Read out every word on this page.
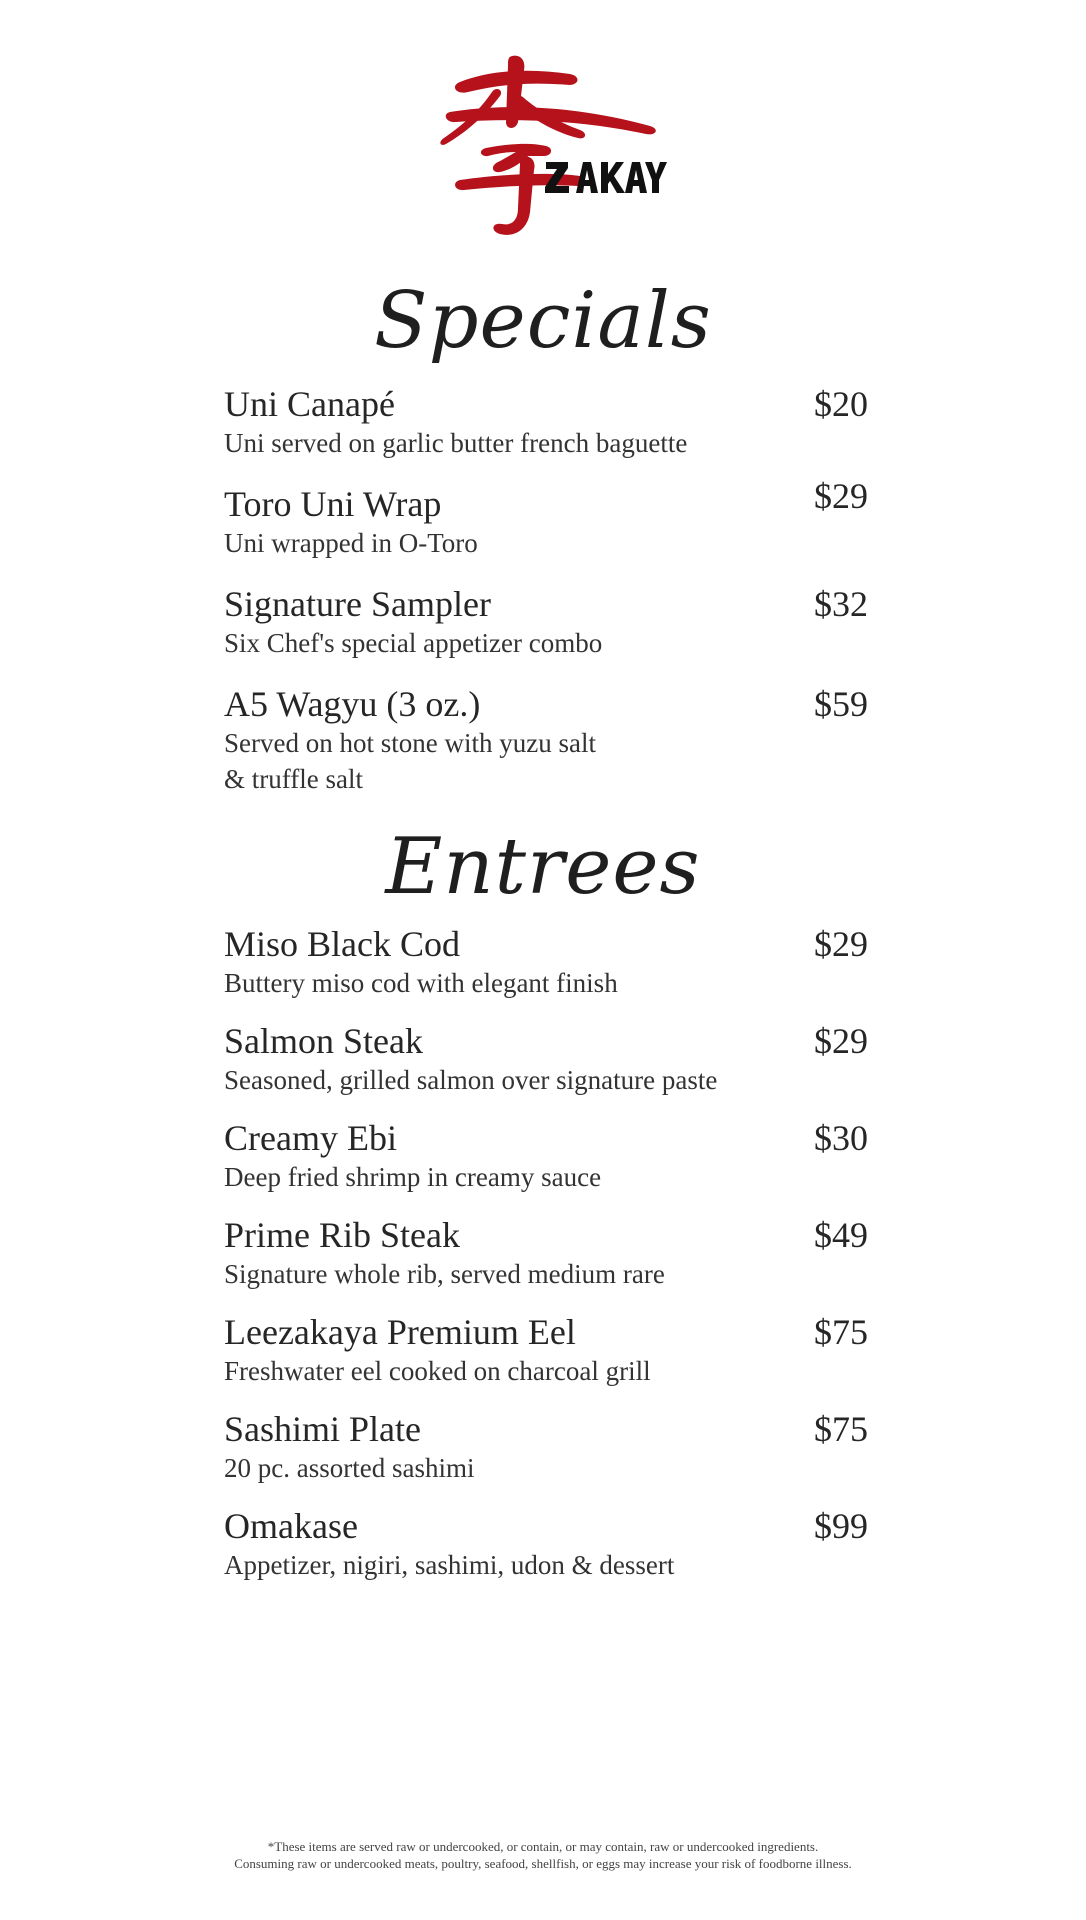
Specials
Uni Canapé	$20
Uni served on garlic butter french baguette
Toro Uni Wrap	$29
Uni wrapped in O-Toro
Signature Sampler	$32
Six Chef's special appetizer combo
A5 Wagyu (3 oz.)	$59
Served on hot stone with yuzu salt
& truffle salt
Entrees
Miso Black Cod	$29
Buttery miso cod with elegant finish
Salmon Steak	$29
Seasoned, grilled salmon over signature paste
Creamy Ebi	$30
Deep fried shrimp in creamy sauce
Prime Rib Steak	$49
Signature whole rib, served medium rare
Leezakaya Premium Eel	$75
Freshwater eel cooked on charcoal grill
Sashimi Plate	$75
20 pc. assorted sashimi
Omakase	$99
Appetizer, nigiri, sashimi, udon & dessert
*These items are served raw or undercooked, or contain, or may contain, raw or undercooked ingredients.
Consuming raw or undercooked meats, poultry, seafood, shellfish, or eggs may increase your risk of foodborne illness.
